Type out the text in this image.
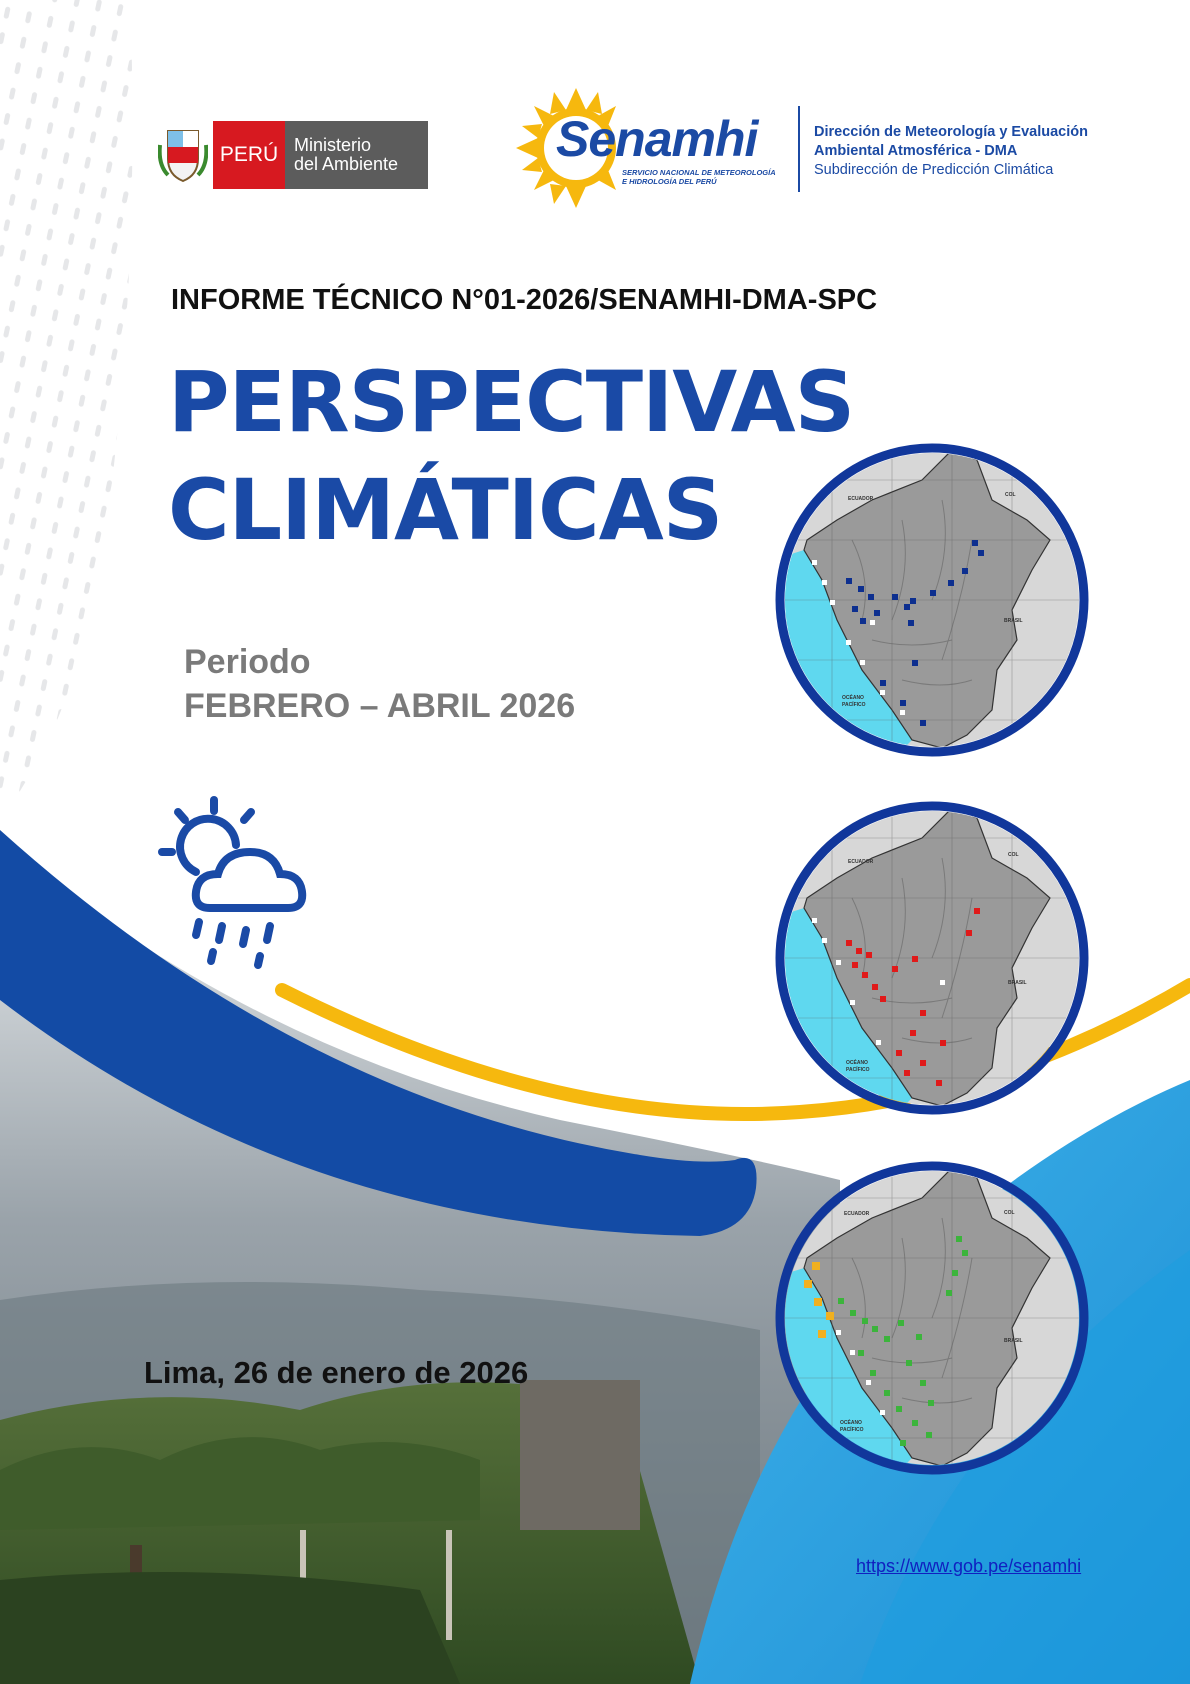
ECUADOR
COL
BRASIL
OCÉANO
PACÍFICO
ECUADOR
COL
BRASIL
OCÉANO
PACÍFICO
ECUADOR	COL
BRASIL
OCÉANO
PACÍFICO
PERÚ Ministerio
del Ambiente	Senamhi
SERVICIO NACIONAL DE METEOROLOGÍA
E HIDROLOGÍA DEL PERÚ
Dirección de Meteorología y Evaluación
Ambiental Atmosférica - DMA
Subdirección de Predicción Climática
INFORME TÉCNICO N°01-2026/SENAMHI-DMA-SPC
PERSPECTIVAS
CLIMÁTICAS
Periodo
FEBRERO – ABRIL 2026
Lima, 26 de enero de 2026
https://www.gob.pe/senamhi
